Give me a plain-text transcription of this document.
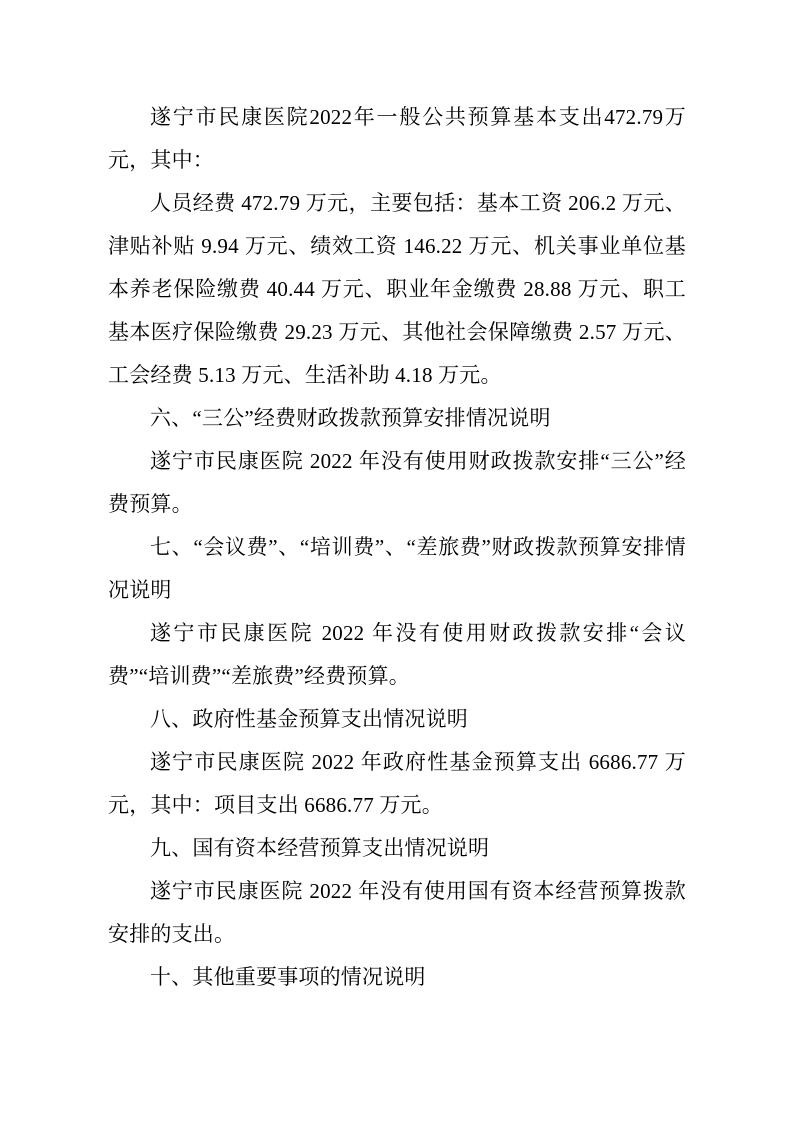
遂宁市民康医院2022年一般公共预算基本支出472.79万元，其中：

人员经费 472.79 万元，主要包括：基本工资 206.2 万元、津贴补贴 9.94 万元、绩效工资 146.22 万元、机关事业单位基本养老保险缴费 40.44 万元、职业年金缴费 28.88 万元、职工基本医疗保险缴费 29.23 万元、其他社会保障缴费 2.57 万元、工会经费 5.13 万元、生活补助 4.18 万元。

六、“三公”经费财政拨款预算安排情况说明

遂宁市民康医院 2022 年没有使用财政拨款安排“三公”经费预算。

七、“会议费”、“培训费”、“差旅费”财政拨款预算安排情况说明

遂宁市民康医院 2022 年没有使用财政拨款安排“会议费”“培训费”“差旅费”经费预算。

八、政府性基金预算支出情况说明

遂宁市民康医院 2022 年政府性基金预算支出 6686.77 万元，其中：项目支出 6686.77 万元。

九、国有资本经营预算支出情况说明

遂宁市民康医院 2022 年没有使用国有资本经营预算拨款安排的支出。

十、其他重要事项的情况说明
